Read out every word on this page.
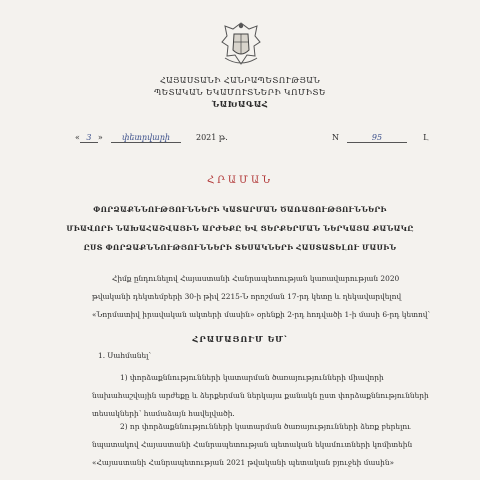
ՀԱՅԱՍՏԱՆԻ ՀԱՆՐԱՊԵՏՈՒԹՅԱՆ
ՊԵՏԱԿԱՆ ԵԿԱՄՈՒՏՆԵՐԻ ԿՈՄԻՏԵ
ՆԱԽԱԳԱՀ
« 3 »	փետրվարի	2021 թ.	N	95	Լ
ՀՐԱՄԱՆ
ՓՈՐՁԱՔՆՆՈՒԹՅՈՒՆՆԵՐԻ ԿԱՏԱՐՄԱՆ ԾԱՌԱՅՈՒԹՅՈՒՆՆԵՐԻ
ՄԻԱՎՈՐԻ ՆԱԽԱՀԱՇՎԱՅԻՆ ԱՐԺԵՔԸ ԵՎ ՑԵՐՔԵՐՄԱՆ ՆԵՐԿԱՅԱ ՔԱՆԱԿԸ
ԸՍՏ ՓՈՐՁԱՔՆՆՈՒԹՅՈՒՆՆԵՐԻ ՏԵՍԱԿՆԵՐԻ ՀԱՍՏԱՏԵԼՈՒ ՄԱՍԻՆ
Հիմք ընդունելով Հայաստանի Հանրապետության կառավարության 2020
թվականի դեկտեմբերի 30-ի թիվ 2215-Ն որոշման 17-րդ կետը և ղեկավարվելով
«Նորմատիվ իրավական ակտերի մասին» օրենքի 2-րդ հոդվածի 1-ի մասի 6-րդ կետով՝
ՀՐԱՄԱՅՈՒՄ ԵՄ՝
1. Սահմանել՝
1) փորձաքննությունների կատարման ծառայությունների միավորի
նախահաշվային արժեքը և ձերքերման ներկայա քանակն ըստ փորձաքննությունների
տեսակների՝ համաձայն հավելվածի.
2) որ փորձաքննությունների կատարման ծառայությունների ձեռք բերելու
նպատակով Հայաստանի Հանրապետության պետական եկամուտների կոմիտեին
«Հայաստանի Հանրապետության 2021 թվականի պետական բյուջեի մասին»
